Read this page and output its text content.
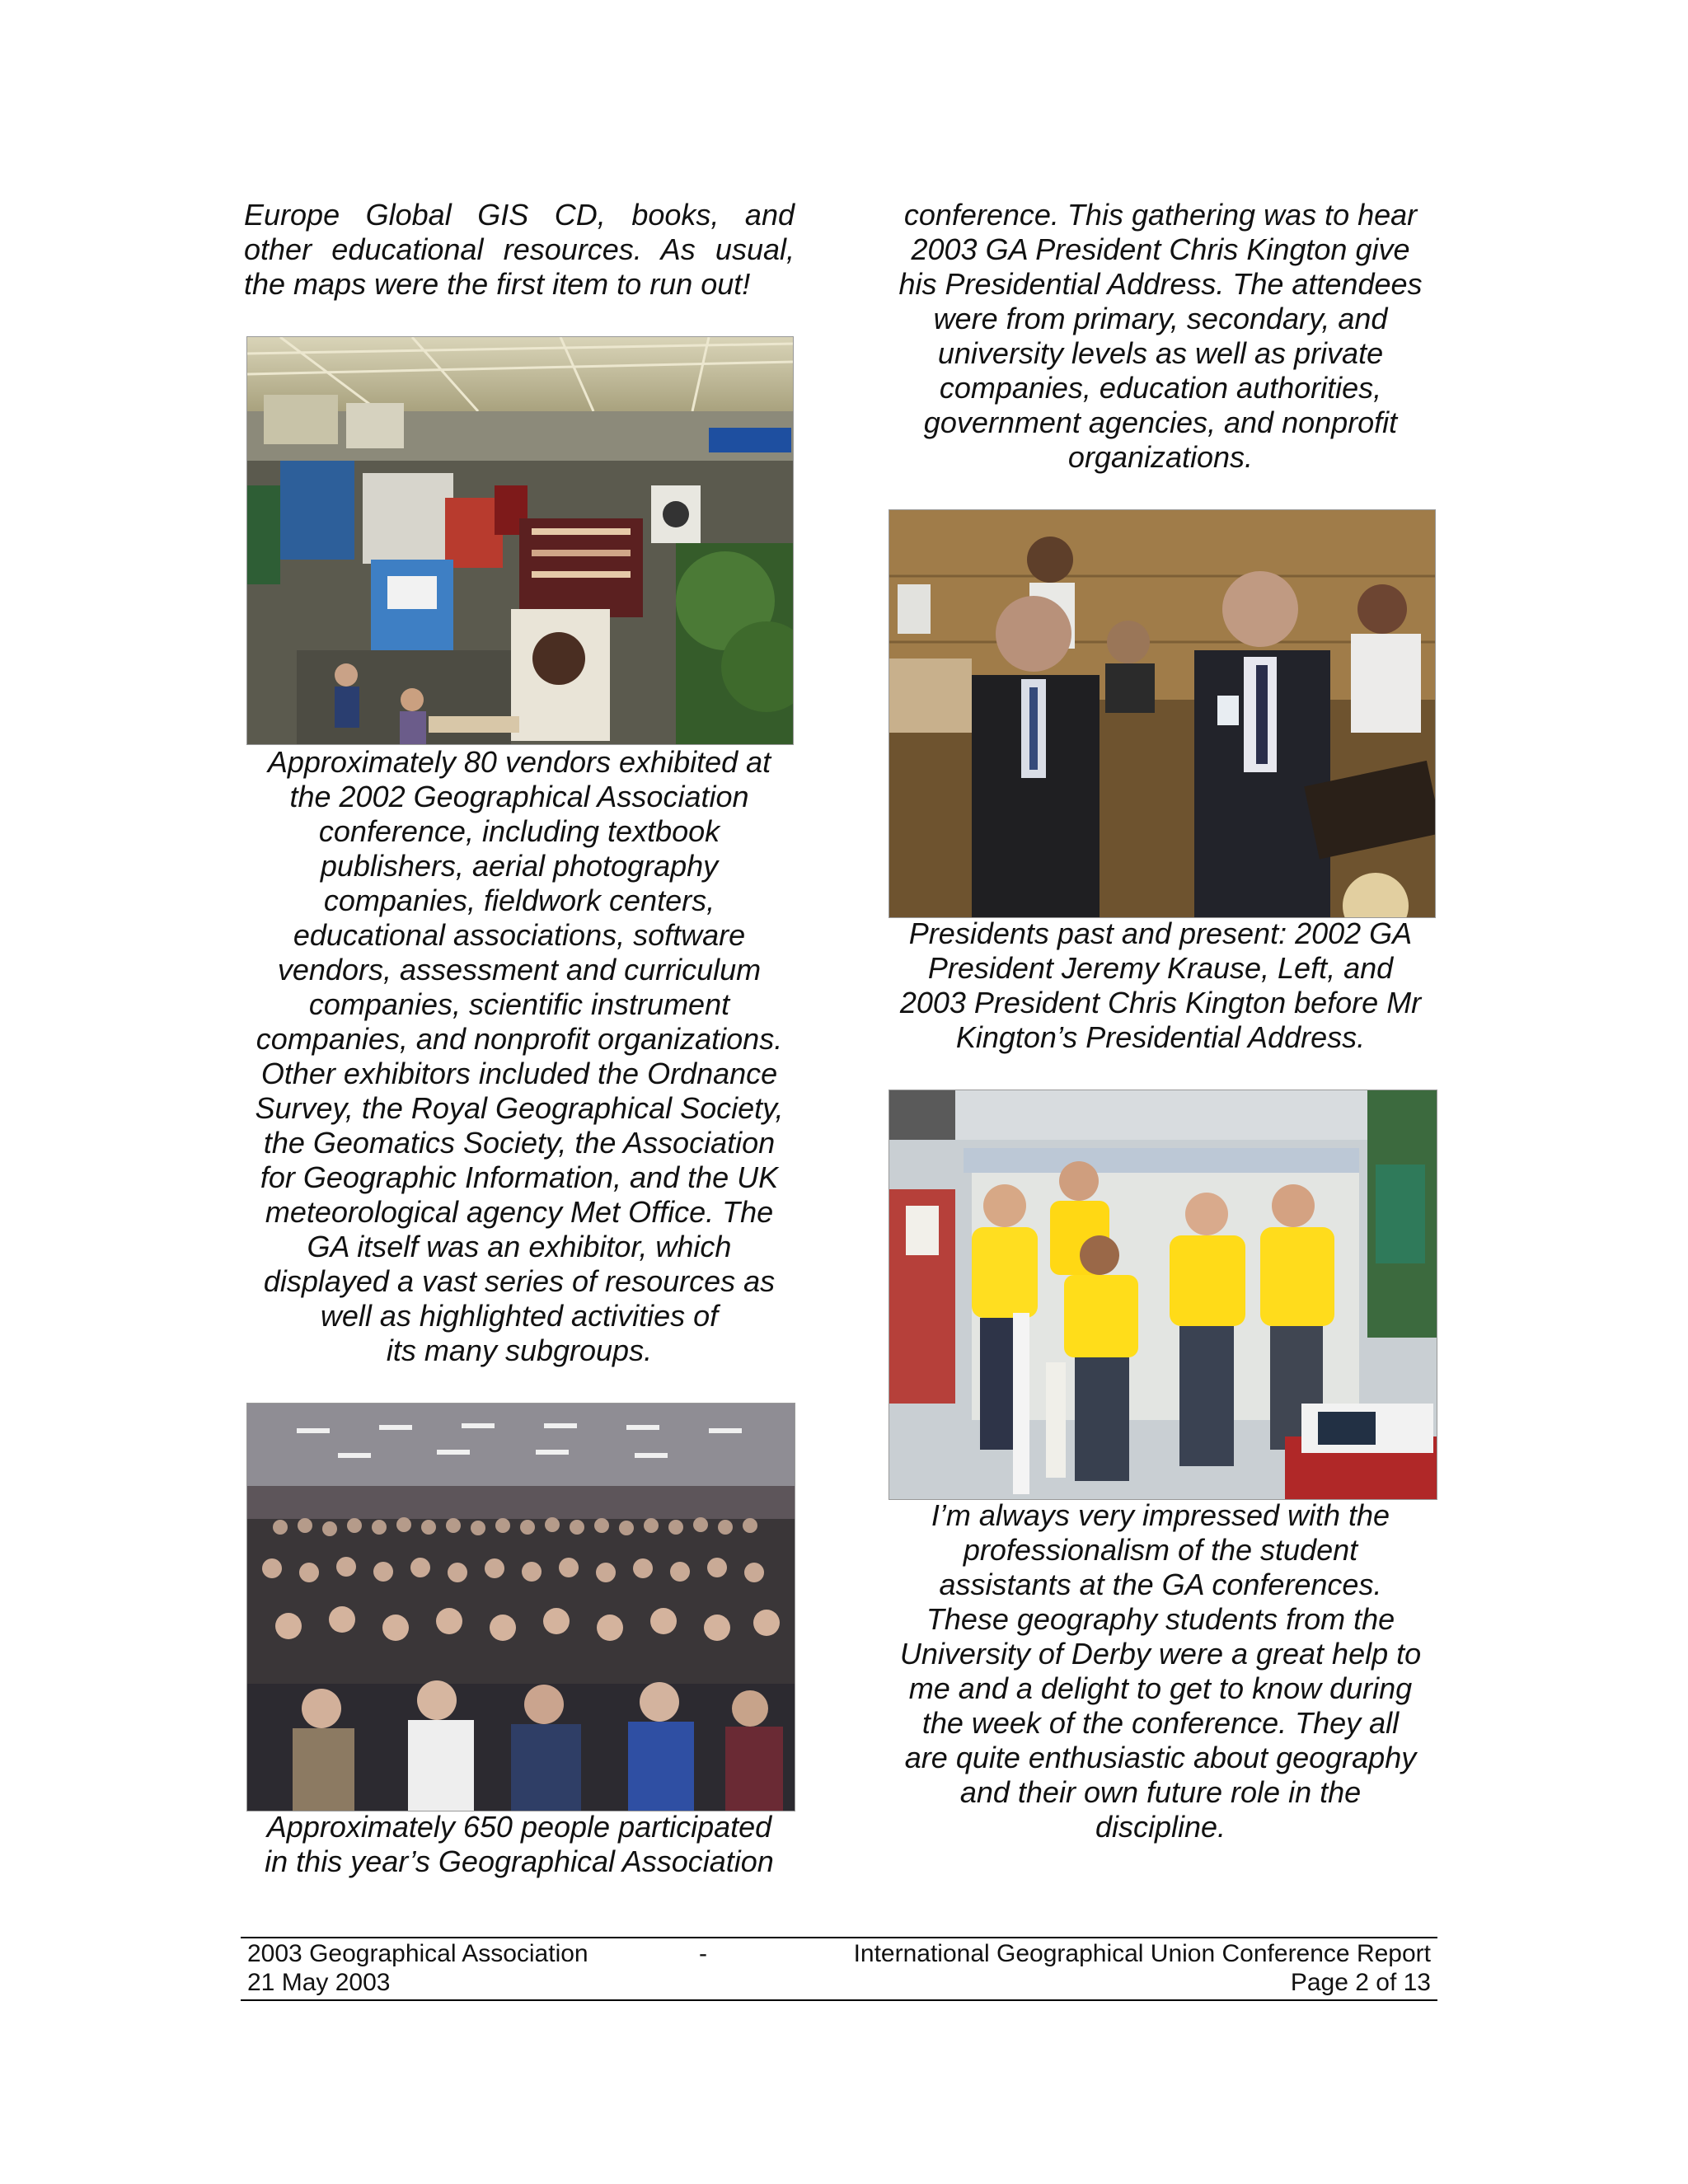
Europe Global GIS CD, books, and

other educational resources. As usual,

the maps were the first item to run out!

Approximately 80 vendors exhibited at

the 2002 Geographical Association

conference, including textbook

publishers, aerial photography

companies, fieldwork centers,

educational associations, software

vendors, assessment and curriculum

companies, scientific instrument

companies, and nonprofit organizations.

Other exhibitors included the Ordnance

Survey, the Royal Geographical Society,

the Geomatics Society, the Association

for Geographic Information, and the UK

meteorological agency Met Office. The

GA itself was an exhibitor, which

displayed a vast series of resources as

well as highlighted activities of

its many subgroups.

Approximately 650 people participated

in this year’s Geographical Association

conference. This gathering was to hear

2003 GA President Chris Kington give

his Presidential Address. The attendees

were from primary, secondary, and

university levels as well as private

companies, education authorities,

government agencies, and nonprofit

organizations.

Presidents past and present: 2002 GA

President Jeremy Krause, Left, and

2003 President Chris Kington before Mr

Kington’s Presidential Address.

I’m always very impressed with the

professionalism of the student

assistants at the GA conferences.

These geography students from the

University of Derby were a great help to

me and a delight to get to know during

the week of the conference. They all

are quite enthusiastic about geography

and their own future role in the

discipline.

2003 Geographical Association	-	International Geographical Union Conference Report
21 May 2003	Page 2 of 13
